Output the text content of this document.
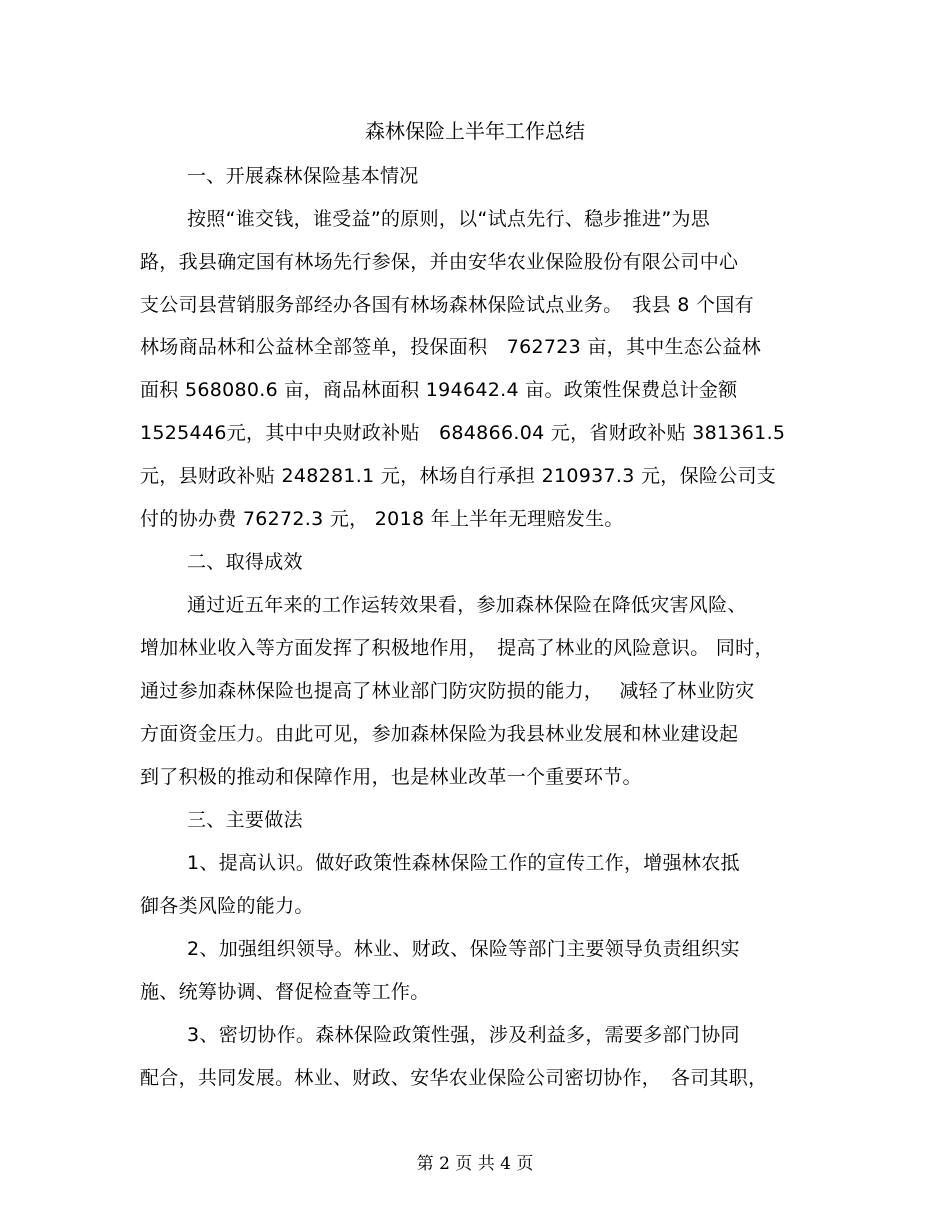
森林保险上半年工作总结
一、开展森林保险基本情况
按照“谁交钱，谁受益”的原则，以“试点先行、稳步推进”为思
路，我县确定国有林场先行参保，并由安华农业保险股份有限公司中心
支公司县营销服务部经办各国有林场森林保险试点业务。　我县 8 个国有
林场商品林和公益林全部签单，投保面积　762723 亩，其中生态公益林
面积 568080.6 亩，商品林面积 194642.4 亩。政策性保费总计金额
1525446元，其中中央财政补贴　684866.04 元，省财政补贴 381361.5
元，县财政补贴 248281.1 元，林场自行承担 210937.3 元，保险公司支
付的协办费 76272.3 元， 2018 年上半年无理赔发生。
二、取得成效
通过近五年来的工作运转效果看，参加森林保险在降低灾害风险、
增加林业收入等方面发挥了积极地作用，　提高了林业的风险意识。 同时，
通过参加森林保险也提高了林业部门防灾防损的能力，　 减轻了林业防灾
方面资金压力。由此可见，参加森林保险为我县林业发展和林业建设起
到了积极的推动和保障作用，也是林业改革一个重要环节。
三、主要做法
1、提高认识。做好政策性森林保险工作的宣传工作，增强林农抵
御各类风险的能力。
2、加强组织领导。林业、财政、保险等部门主要领导负责组织实
施、统筹协调、督促检查等工作。
3、密切协作。森林保险政策性强，涉及利益多，需要多部门协同
配合，共同发展。林业、财政、安华农业保险公司密切协作，　各司其职，
第 2 页 共 4 页
